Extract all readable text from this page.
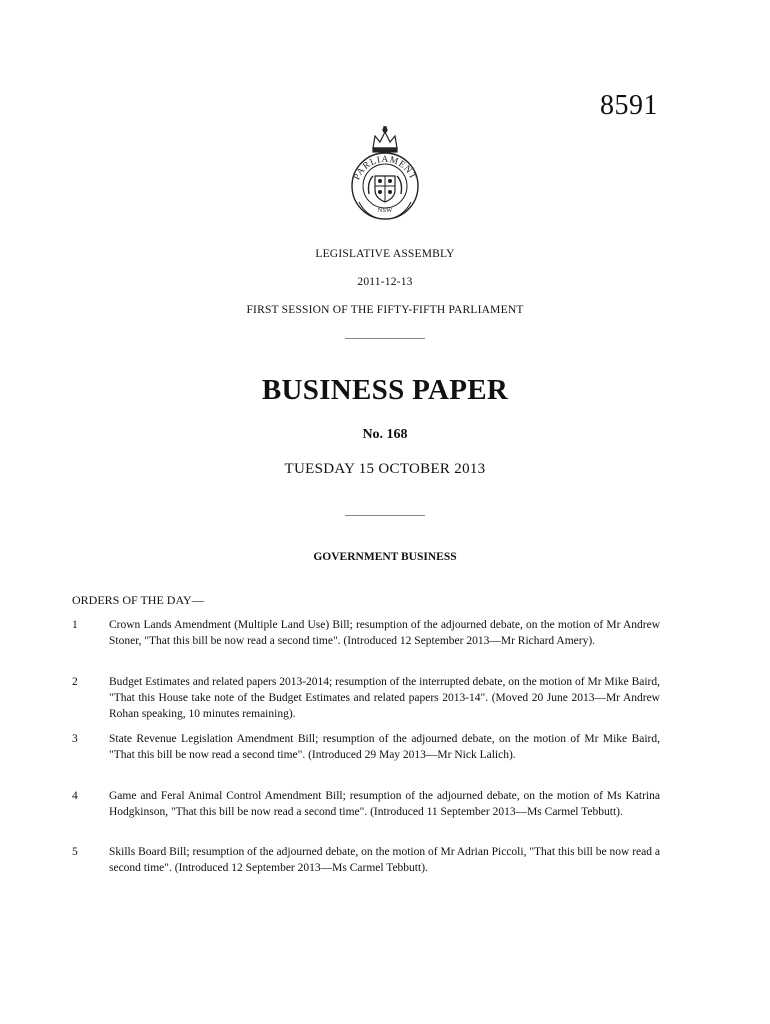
8591
PARLIAMENT
NSW
LEGISLATIVE ASSEMBLY
2011-12-13
FIRST SESSION OF THE FIFTY-FIFTH PARLIAMENT
BUSINESS PAPER
No. 168
TUESDAY 15 OCTOBER 2013
GOVERNMENT BUSINESS
ORDERS OF THE DAY—
1	Crown Lands Amendment (Multiple Land Use) Bill; resumption of the adjourned debate, on the motion of Mr Andrew Stoner, "That this bill be now read a second time". (Introduced 12 September 2013—Mr Richard Amery).
2	Budget Estimates and related papers 2013-2014; resumption of the interrupted debate, on the motion of Mr Mike Baird, "That this House take note of the Budget Estimates and related papers 2013-14". (Moved 20 June 2013—Mr Andrew Rohan speaking, 10 minutes remaining).
3	State Revenue Legislation Amendment Bill; resumption of the adjourned debate, on the motion of Mr Mike Baird, "That this bill be now read a second time". (Introduced 29 May 2013—Mr Nick Lalich).
4	Game and Feral Animal Control Amendment Bill; resumption of the adjourned debate, on the motion of Ms Katrina Hodgkinson, "That this bill be now read a second time". (Introduced 11 September 2013—Ms Carmel Tebbutt).
5	Skills Board Bill; resumption of the adjourned debate, on the motion of Mr Adrian Piccoli, "That this bill be now read a second time". (Introduced 12 September 2013—Ms Carmel Tebbutt).
